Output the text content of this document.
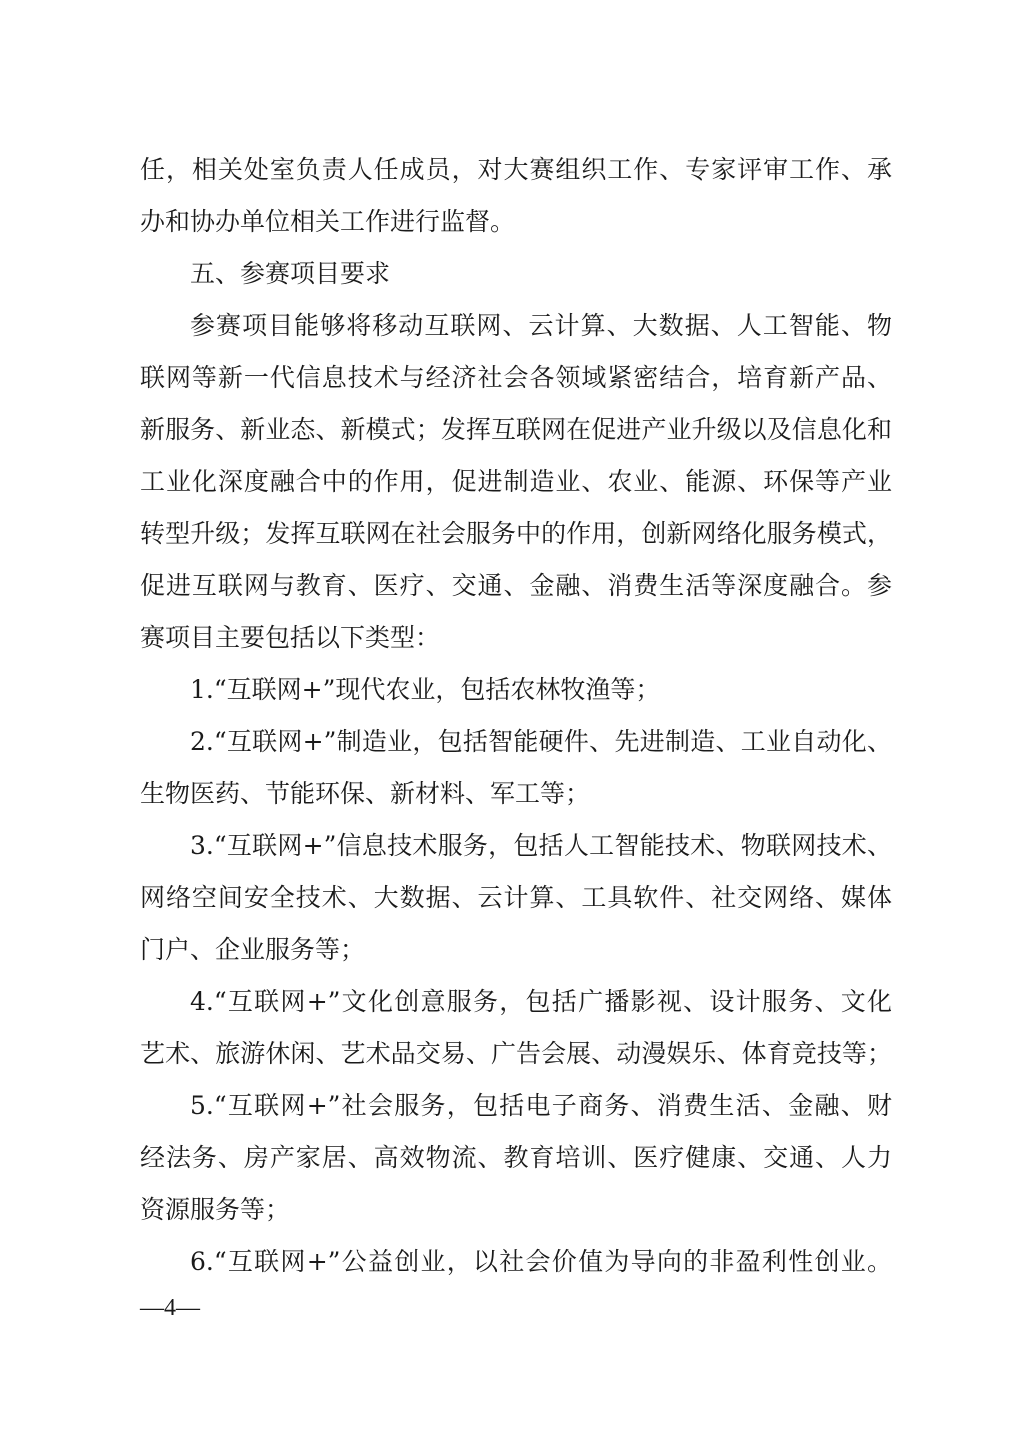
任，相关处室负责人任成员，对大赛组织工作、专家评审工作、承
办和协办单位相关工作进行监督。
五、参赛项目要求
参赛项目能够将移动互联网、云计算、大数据、人工智能、物
联网等新一代信息技术与经济社会各领域紧密结合，培育新产品、
新服务、新业态、新模式；发挥互联网在促进产业升级以及信息化和
工业化深度融合中的作用，促进制造业、农业、能源、环保等产业
转型升级；发挥互联网在社会服务中的作用，创新网络化服务模式，
促进互联网与教育、医疗、交通、金融、消费生活等深度融合。参
赛项目主要包括以下类型：
1.“互联网+”现代农业，包括农林牧渔等；
2.“互联网+”制造业，包括智能硬件、先进制造、工业自动化、
生物医药、节能环保、新材料、军工等；
3.“互联网+”信息技术服务，包括人工智能技术、物联网技术、
网络空间安全技术、大数据、云计算、工具软件、社交网络、媒体
门户、企业服务等；
4.“互联网+”文化创意服务，包括广播影视、设计服务、文化
艺术、旅游休闲、艺术品交易、广告会展、动漫娱乐、体育竞技等；
5.“互联网+”社会服务，包括电子商务、消费生活、金融、财
经法务、房产家居、高效物流、教育培训、医疗健康、交通、人力
资源服务等；
6.“互联网+”公益创业，以社会价值为导向的非盈利性创业。
—4—
